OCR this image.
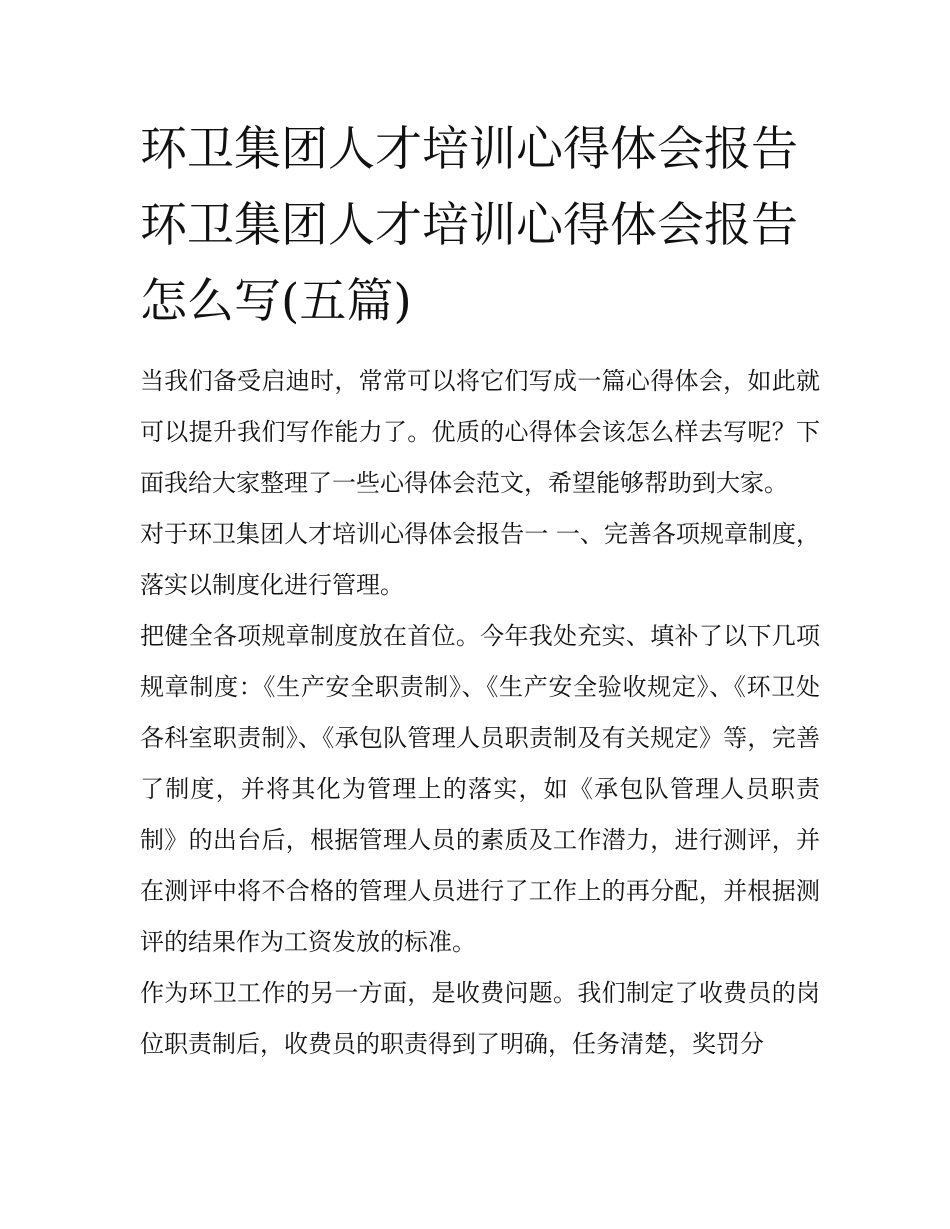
环卫集团人才培训心得体会报告 环卫集团人才培训心得体会报告怎么写(五篇)

当我们备受启迪时，常常可以将它们写成一篇心得体会，如此就可以提升我们写作能力了。优质的心得体会该怎么样去写呢？下面我给大家整理了一些心得体会范文，希望能够帮助到大家。

对于环卫集团人才培训心得体会报告一 一、完善各项规章制度，落实以制度化进行管理。

把健全各项规章制度放在首位。今年我处充实、填补了以下几项规章制度：《生产安全职责制》、《生产安全验收规定》、《环卫处各科室职责制》、《承包队管理人员职责制及有关规定》等，完善了制度，并将其化为管理上的落实，如《承包队管理人员职责制》的出台后，根据管理人员的素质及工作潜力，进行测评，并在测评中将不合格的管理人员进行了工作上的再分配，并根据测评的结果作为工资发放的标准。

作为环卫工作的另一方面，是收费问题。我们制定了收费员的岗位职责制后，收费员的职责得到了明确，任务清楚，奖罚分
